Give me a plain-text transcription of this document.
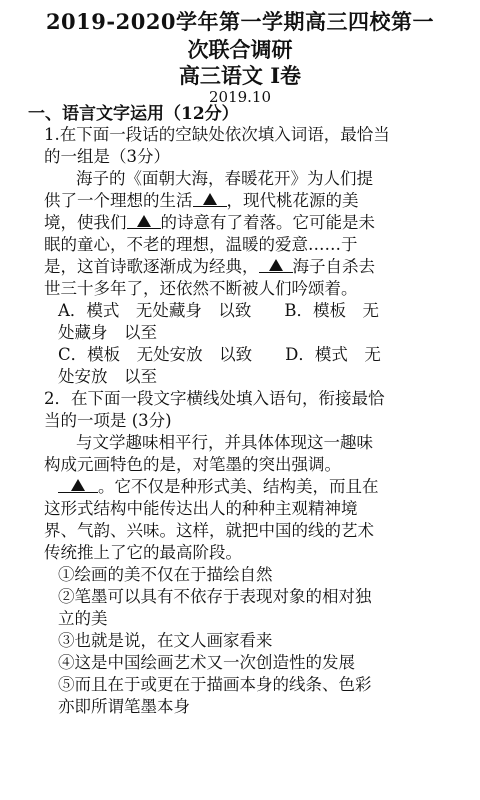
2019-2020学年第一学期高三四校第一
次联合调研
高三语文 I卷
2019.10
一、语言文字运用（12分）
1.在下面一段话的空缺处依次填入词语，最恰当
的一组是（3分）
海子的《面朝大海，春暖花开》为人们提
供了一个理想的生活 ，现代桃花源的美
境，使我们 的诗意有了着落。它可能是未
眠的童心，不老的理想，温暖的爱意……于
是，这首诗歌逐渐成为经典， 海子自杀去
世三十多年了，还依然不断被人们吟颂着。
A．模式　无处藏身　以致　　B．模板　无
处藏身　以至
C．模板　无处安放　以致　　D．模式　无
处安放　以至
2．在下面一段文字横线处填入语句，衔接最恰
当的一项是 (3分)
与文学趣味相平行，并具体体现这一趣味
构成元画特色的是，对笔墨的突出强调。
。它不仅是种形式美、结构美，而且在
这形式结构中能传达出人的种种主观精神境
界、气韵、兴味。这样，就把中国的线的艺术
传统推上了它的最高阶段。
①绘画的美不仅在于描绘自然
②笔墨可以具有不依存于表现对象的相对独
立的美
③也就是说，在文人画家看来
④这是中国绘画艺术又一次创造性的发展
⑤而且在于或更在于描画本身的线条、色彩
亦即所谓笔墨本身
